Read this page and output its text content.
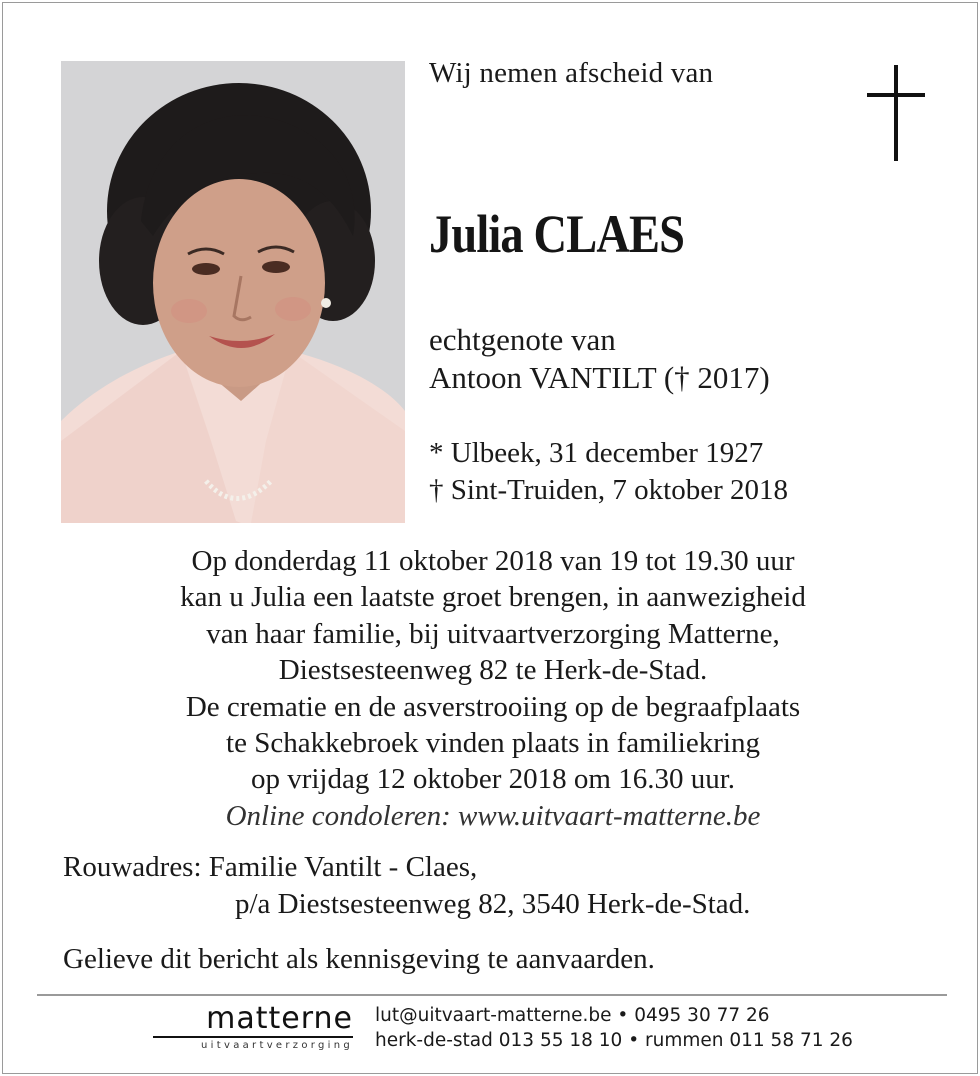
Wij nemen afscheid van
Julia CLAES
echtgenote van
Antoon VANTILT († 2017)
* Ulbeek, 31 december 1927
† Sint-Truiden, 7 oktober 2018
Op donderdag 11 oktober 2018 van 19 tot 19.30 uur
kan u Julia een laatste groet brengen, in aanwezigheid
van haar familie, bij uitvaartverzorging Matterne,
Diestsesteenweg 82 te Herk-de-Stad.
De crematie en de asverstrooiing op de begraafplaats
te Schakkebroek vinden plaats in familiekring
op vrijdag 12 oktober 2018 om 16.30 uur.
Online condoleren: www.uitvaart-matterne.be
Rouwadres: Familie Vantilt - Claes,
p/a Diestsesteenweg 82, 3540 Herk-de-Stad.
Gelieve dit bericht als kennisgeving te aanvaarden.
matterne
uitvaartverzorging
lut@uitvaart-matterne.be • 0495 30 77 26
herk-de-stad 013 55 18 10 • rummen 011 58 71 26
